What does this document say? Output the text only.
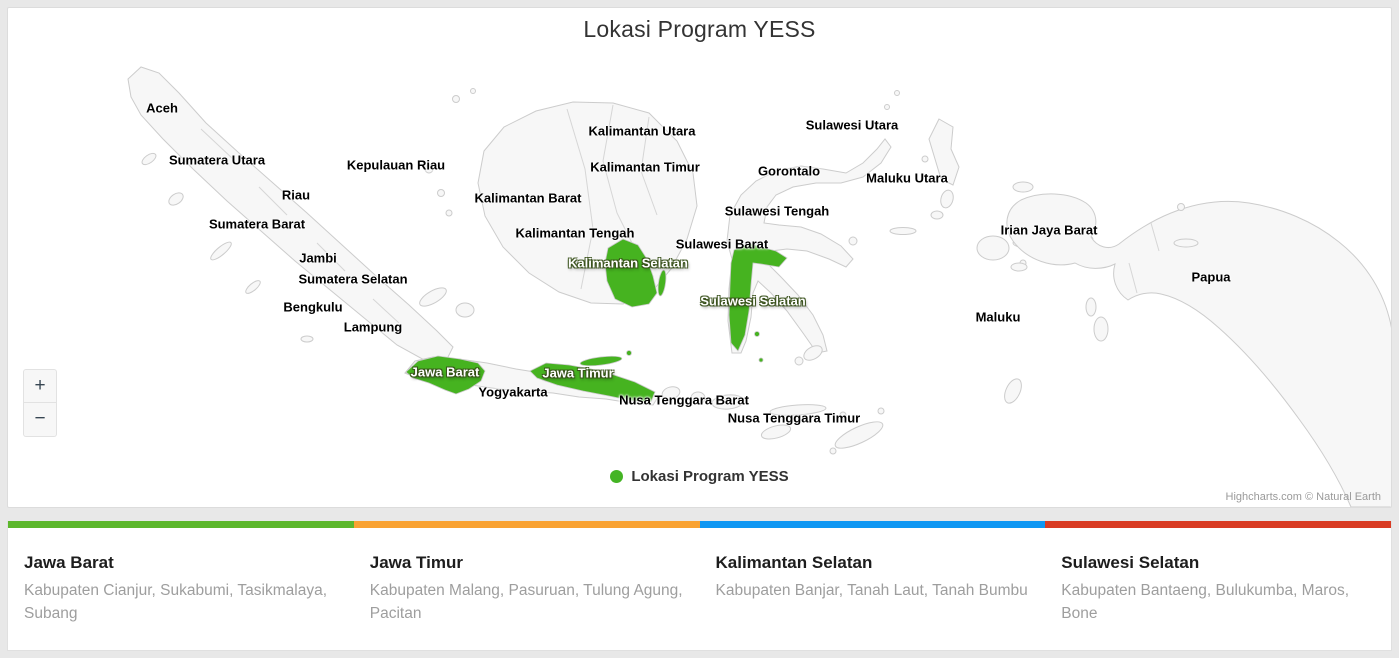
Lokasi Program YESS
+
−
Lokasi Program YESS
Highcharts.com © Natural Earth
Aceh
Sumatera Utara	Kepulauan Riau
Riau
Sumatera Barat
Jambi
Sumatera Selatan
Bengkulu
Lampung
Jawa Barat
Yogyakarta
Jawa Timur
Nusa Tenggara Barat
Nusa Tenggara Timur
Kalimantan Barat
Kalimantan Tengah
Kalimantan Utara
Kalimantan Timur
Kalimantan Selatan
Sulawesi Utara
Gorontalo	Maluku Utara
Sulawesi Tengah
Sulawesi Barat
Sulawesi Selatan
Maluku
Irian Jaya Barat
Papua
Jawa Barat

Kabupaten Cianjur, Sukabumi, Tasikmalaya, Subang

Jawa Timur

Kabupaten Malang, Pasuruan, Tulung Agung, Pacitan

Kalimantan Selatan

Kabupaten Banjar, Tanah Laut, Tanah Bumbu

Sulawesi Selatan

Kabupaten Bantaeng, Bulukumba, Maros, Bone
